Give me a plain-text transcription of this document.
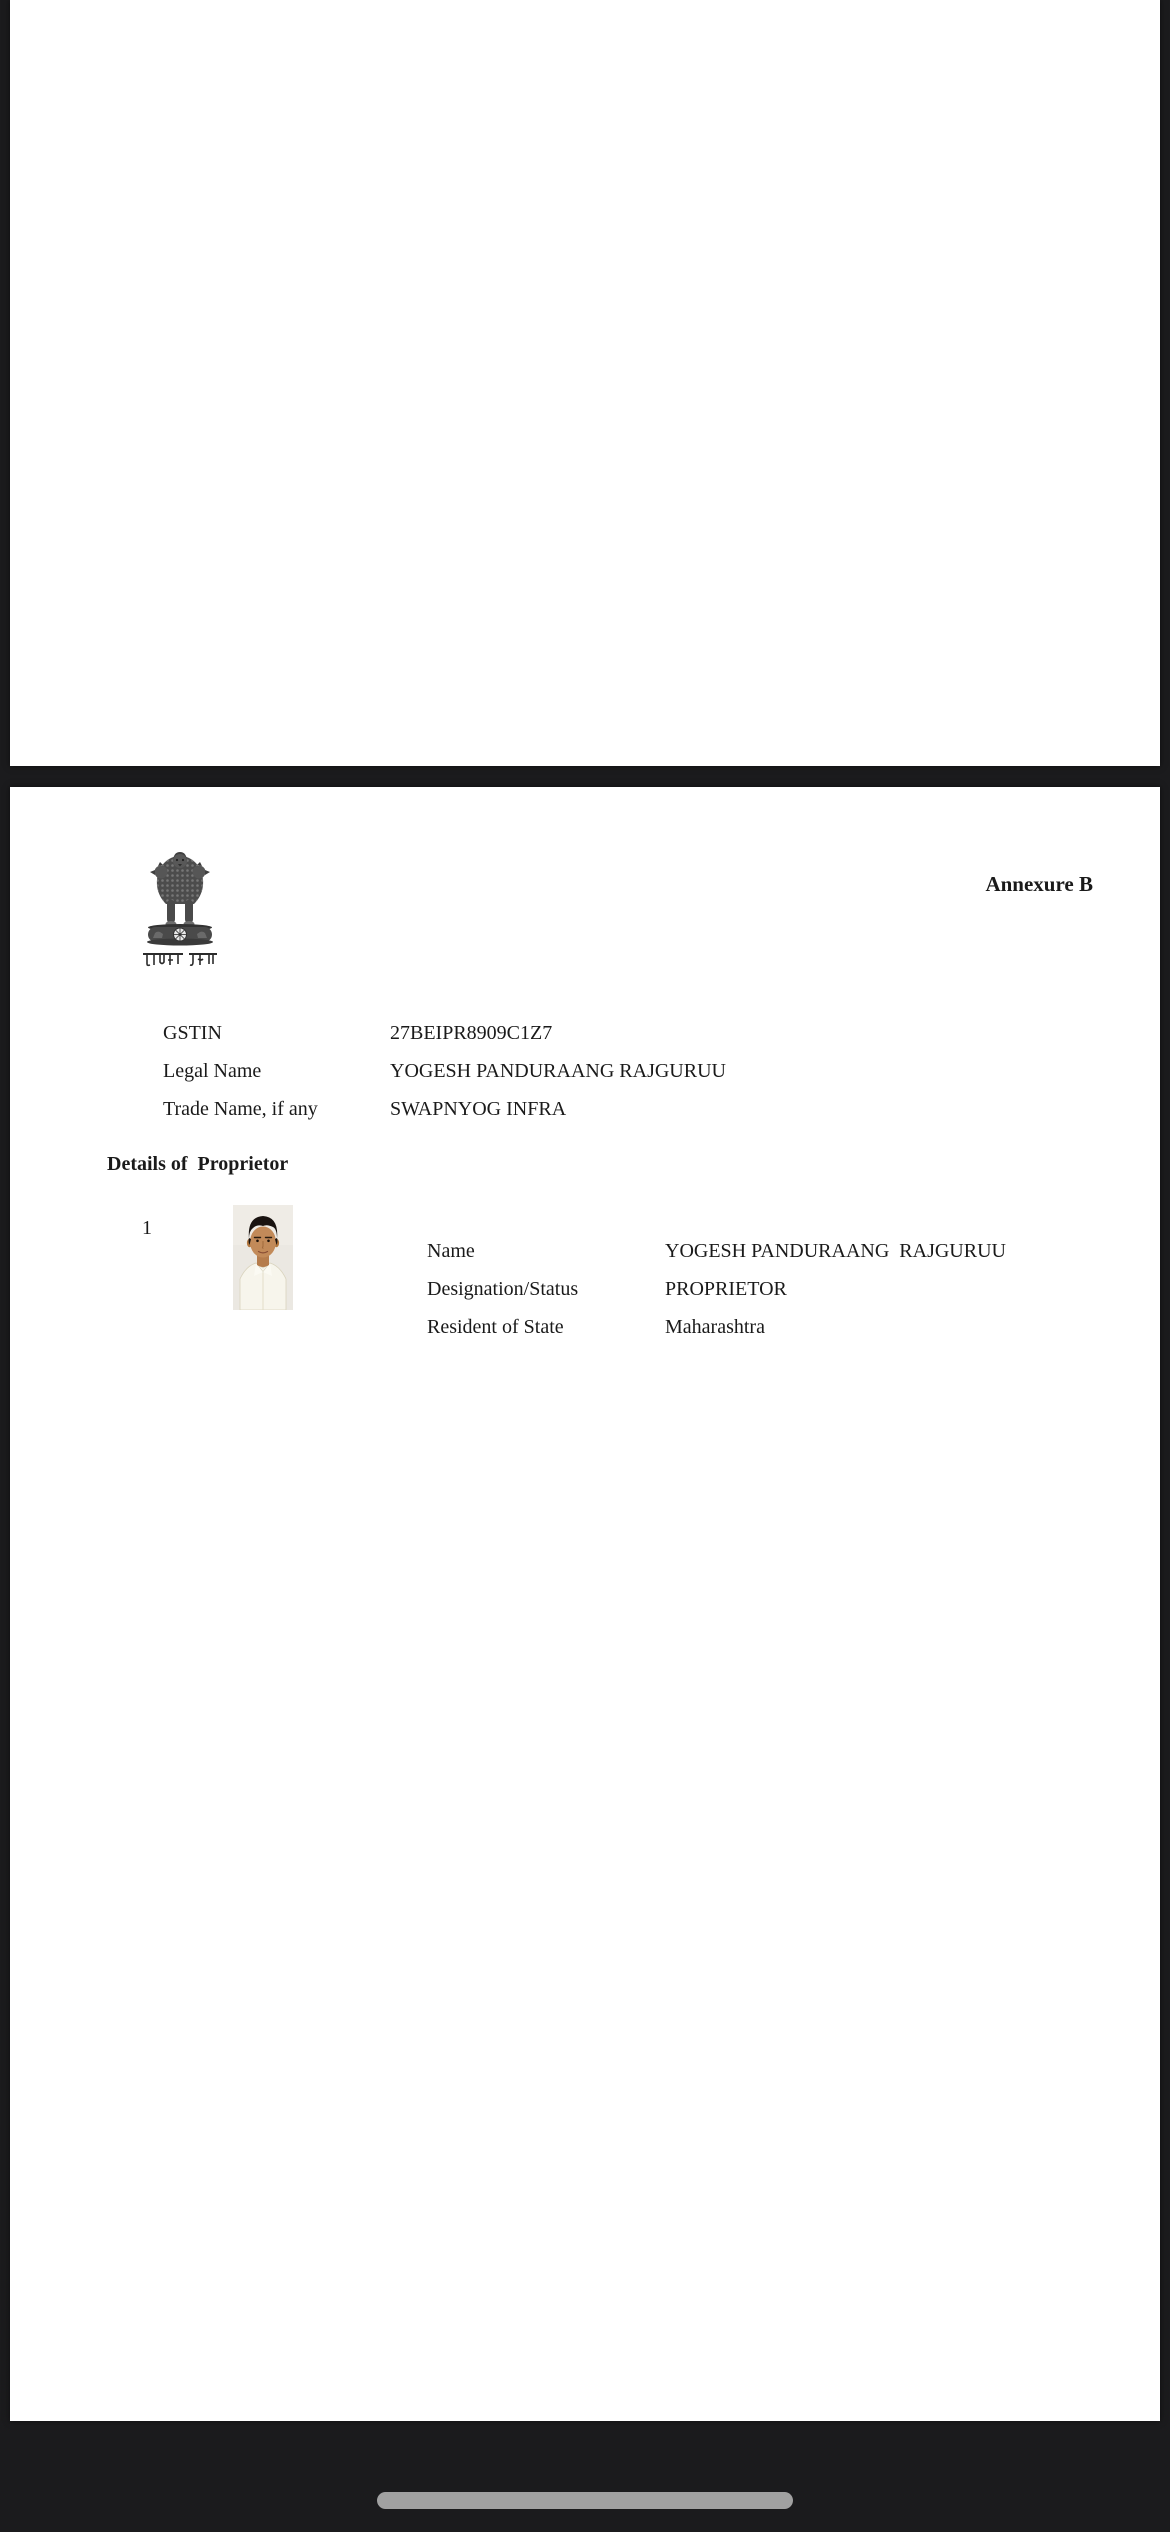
Annexure B

GSTIN	27BEIPR8909C1Z7

Legal Name	YOGESH PANDURAANG RAJGURUU

Trade Name, if any	SWAPNYOG INFRA

Details of  Proprietor
1

Name	YOGESH PANDURAANG  RAJGURUU

Designation/Status	PROPRIETOR

Resident of State	Maharashtra
